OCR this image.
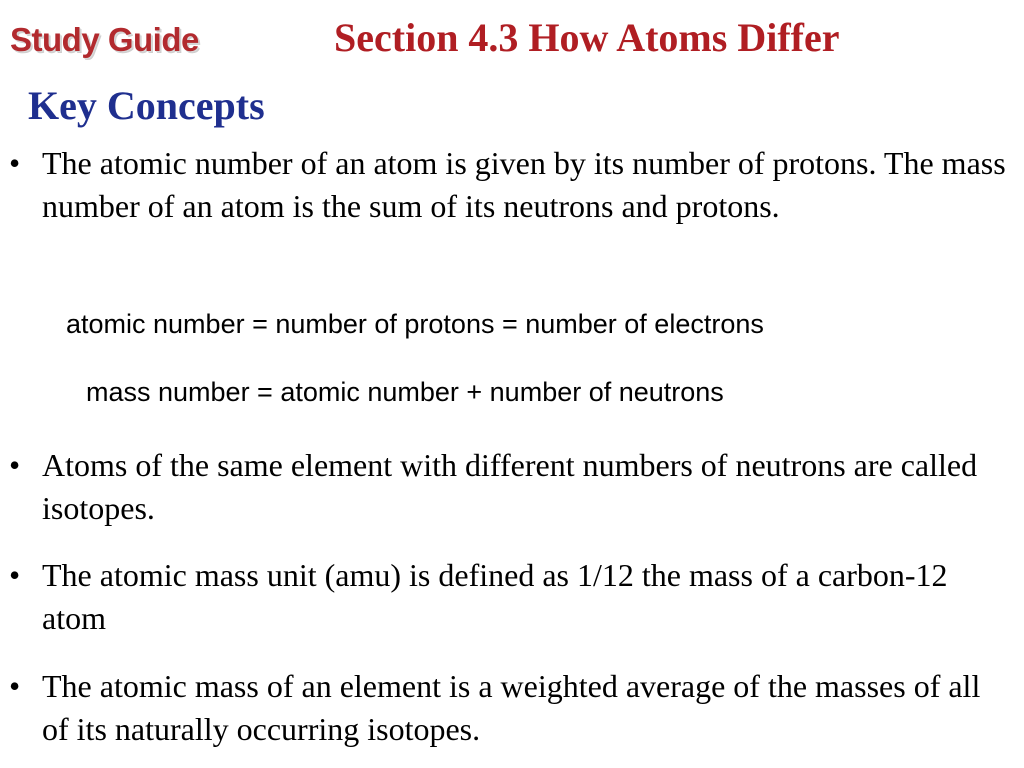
Study Guide	Section 4.3 How Atoms Differ
Key Concepts
• The atomic number of an atom is given by its number of protons. The mass number of an atom is the sum of its neutrons and protons.
atomic number = number of protons = number of electrons
mass number = atomic number + number of neutrons
• Atoms of the same element with different numbers of neutrons are called isotopes.
• The atomic mass unit (amu) is defined as 1/12 the mass of a carbon-12 atom
• The atomic mass of an element is a weighted average of the masses of all of its naturally occurring isotopes.
